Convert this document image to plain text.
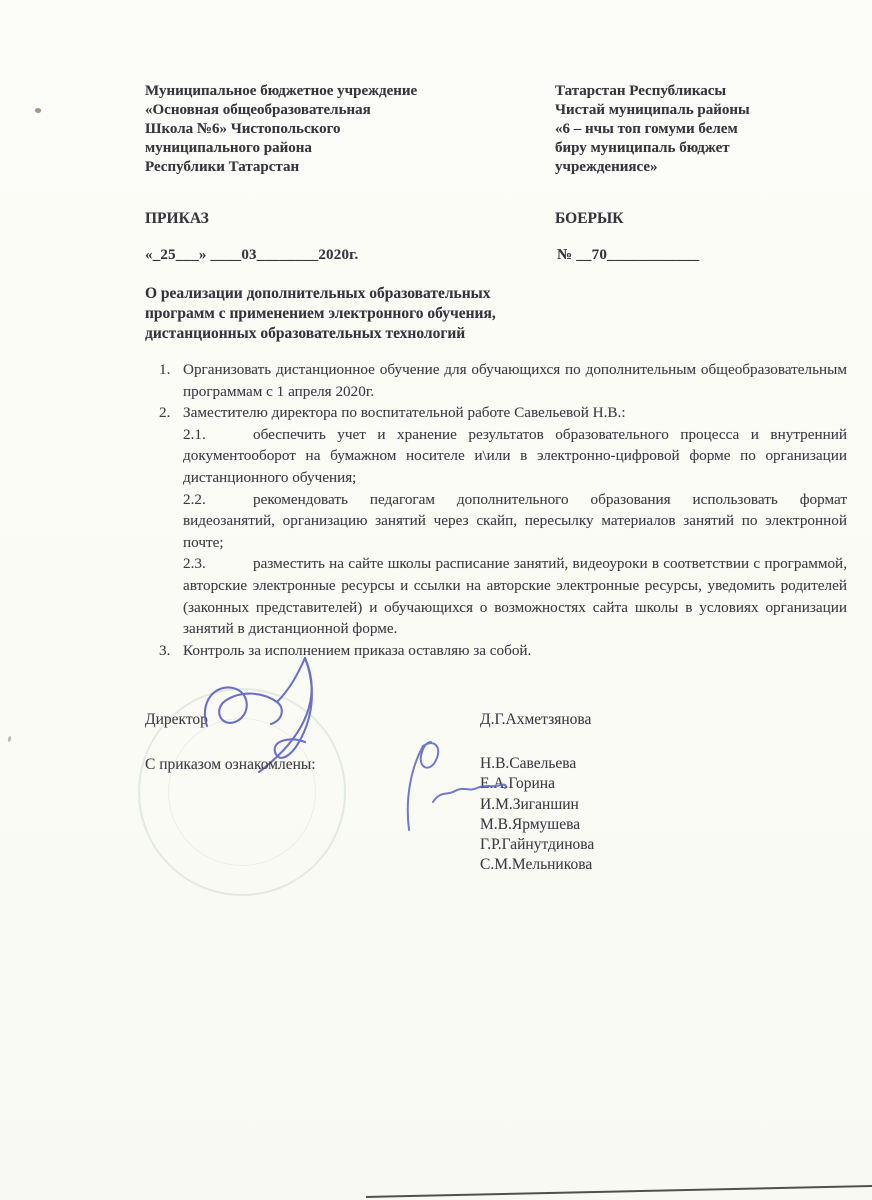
Муниципальное бюджетное учреждение
«Основная общеобразовательная
Школа №6» Чистопольского
муниципального района
Республики Татарстан
Татарстан Республикасы
Чистай муниципаль районы
«6 – нчы топ гомуми белем
биру муниципаль бюджет
учреждениясе»
ПРИКАЗ	БОЕРЫК
«_25___» ____03________2020г.	№ __70____________
О реализации дополнительных образовательных
программ с применением электронного обучения,
дистанционных образовательных технологий
1. Организовать дистанционное обучение для обучающихся по дополнительным общеобразовательным программам с 1 апреля 2020г.
2. Заместителю директора по воспитательной работе Савельевой Н.В.:
2.1.	обеспечить учет и хранение результатов образовательного процесса и внутренний документооборот на бумажном носителе и\или в электронно-цифровой форме по организации дистанционного обучения;
2.2.	рекомендовать педагогам дополнительного образования использовать формат видеозанятий, организацию занятий через скайп, пересылку материалов занятий по электронной почте;
2.3.	разместить на сайте школы расписание занятий, видеоуроки в соответствии с программой, авторские электронные ресурсы и ссылки на авторские электронные ресурсы, уведомить родителей (законных представителей) и обучающихся о возможностях сайта школы в условиях организации занятий в дистанционной форме.
3. Контроль за исполнением приказа оставляю за собой.
Директор	Д.Г.Ахметзянова
С приказом ознакомлены:	Н.В.Савельева
Е.А.Горина
И.М.Зиганшин
М.В.Ярмушева
Г.Р.Гайнутдинова
С.М.Мельникова
